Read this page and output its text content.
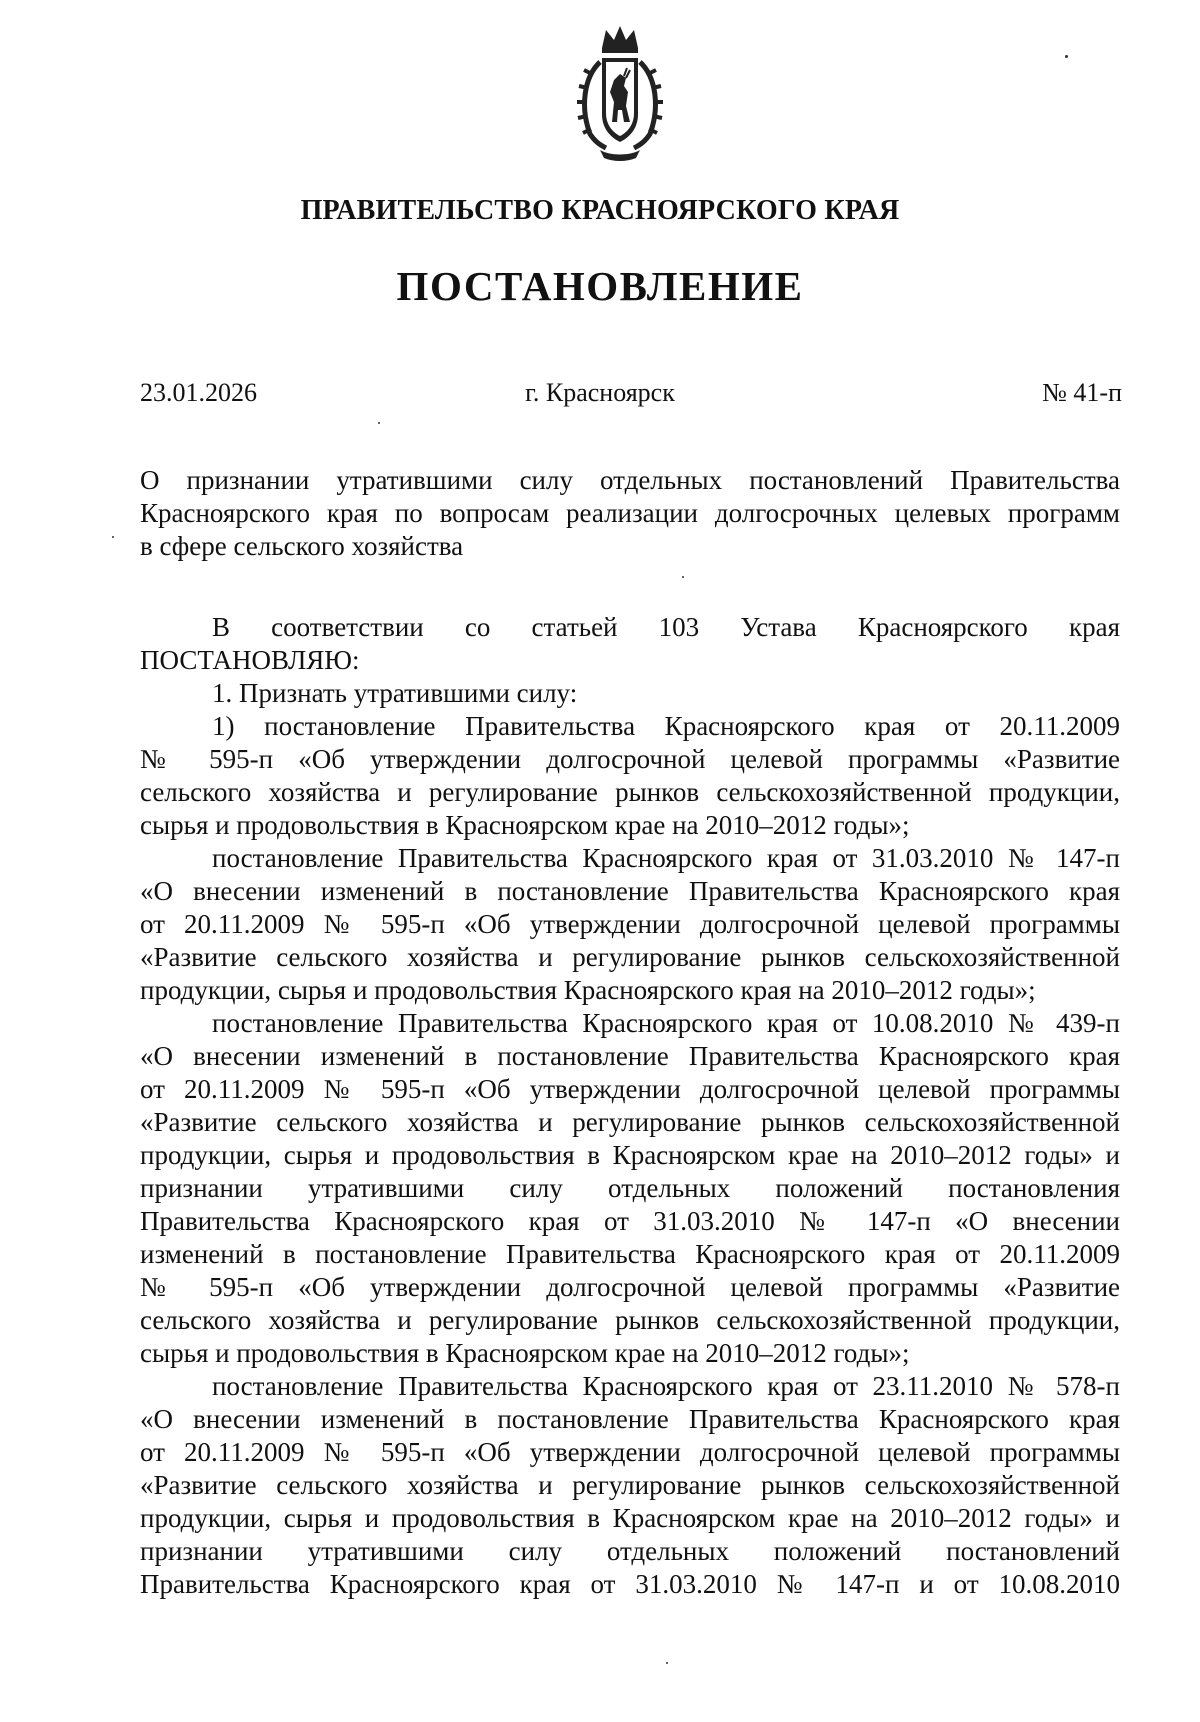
ПРАВИТЕЛЬСТВО КРАСНОЯРСКОГО КРАЯ
ПОСТАНОВЛЕНИЕ
23.01.2026	г. Красноярск	№ 41-п
О признании утратившими силу отдельных постановлений Правительства
Красноярского края по вопросам реализации долгосрочных целевых программ
в сфере сельского хозяйства
В соответствии со статьей 103 Устава Красноярского края
ПОСТАНОВЛЯЮ:
1. Признать утратившими силу:
1) постановление Правительства Красноярского края от 20.11.2009
№ 595-п «Об утверждении долгосрочной целевой программы «Развитие
сельского хозяйства и регулирование рынков сельскохозяйственной продукции,
сырья и продовольствия в Красноярском крае на 2010–2012 годы»;
постановление Правительства Красноярского края от 31.03.2010 № 147-п
«О внесении изменений в постановление Правительства Красноярского края
от 20.11.2009 № 595-п «Об утверждении долгосрочной целевой программы
«Развитие сельского хозяйства и регулирование рынков сельскохозяйственной
продукции, сырья и продовольствия Красноярского края на 2010–2012 годы»;
постановление Правительства Красноярского края от 10.08.2010 № 439-п
«О внесении изменений в постановление Правительства Красноярского края
от 20.11.2009 № 595-п «Об утверждении долгосрочной целевой программы
«Развитие сельского хозяйства и регулирование рынков сельскохозяйственной
продукции, сырья и продовольствия в Красноярском крае на 2010–2012 годы» и
признании утратившими силу отдельных положений постановления
Правительства Красноярского края от 31.03.2010 № 147-п «О внесении
изменений в постановление Правительства Красноярского края от 20.11.2009
№ 595-п «Об утверждении долгосрочной целевой программы «Развитие
сельского хозяйства и регулирование рынков сельскохозяйственной продукции,
сырья и продовольствия в Красноярском крае на 2010–2012 годы»;
постановление Правительства Красноярского края от 23.11.2010 № 578-п
«О внесении изменений в постановление Правительства Красноярского края
от 20.11.2009 № 595-п «Об утверждении долгосрочной целевой программы
«Развитие сельского хозяйства и регулирование рынков сельскохозяйственной
продукции, сырья и продовольствия в Красноярском крае на 2010–2012 годы» и
признании утратившими силу отдельных положений постановлений
Правительства Красноярского края от 31.03.2010 № 147-п и от 10.08.2010
